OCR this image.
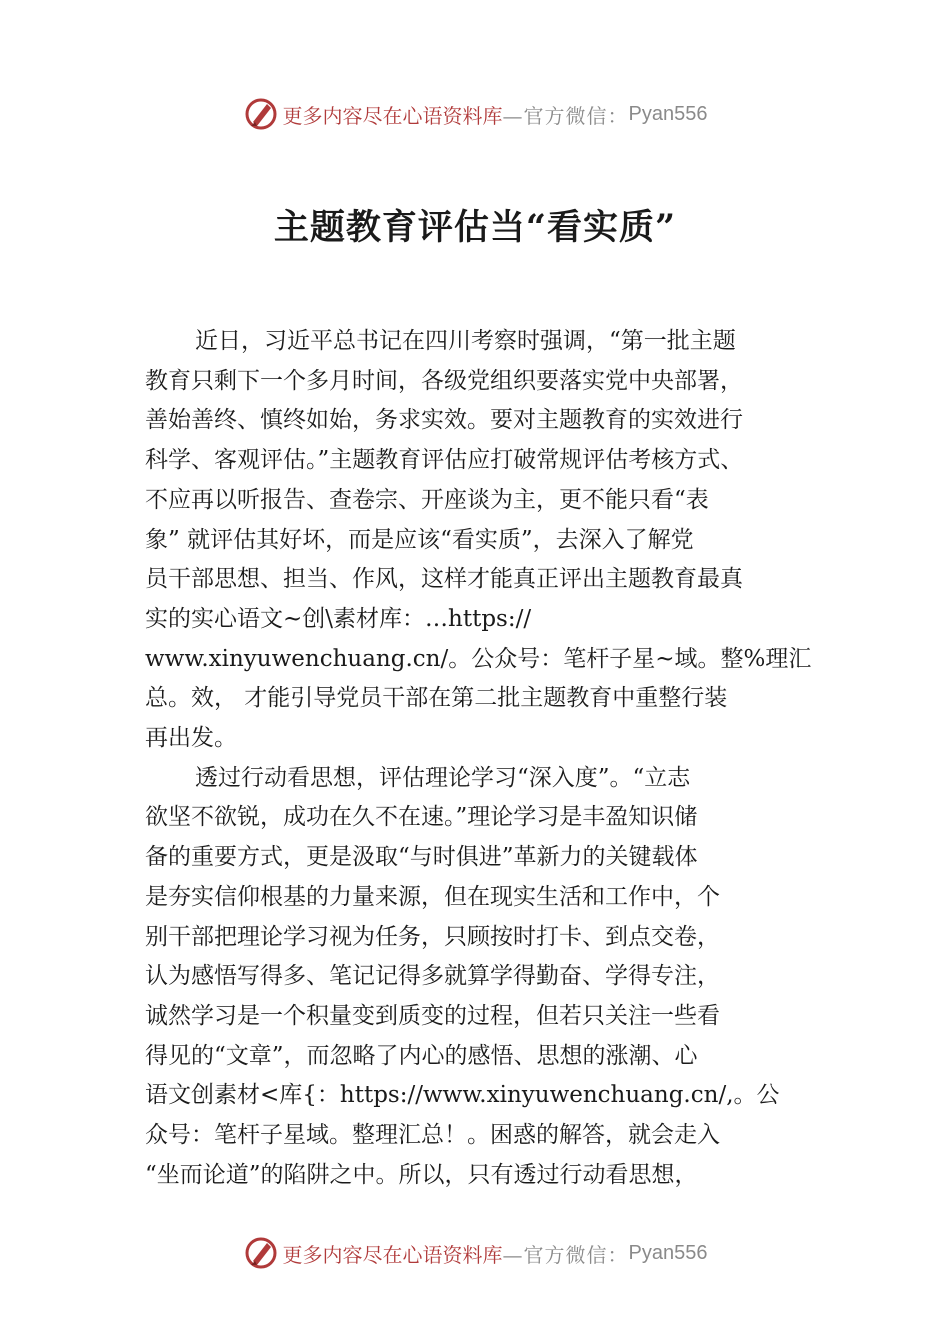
更多内容尽在心语资料库 —官方微信： Pyan556
主题教育评估当“看实质”
近日，习近平总书记在四川考察时强调，“第一批主题
教育只剩下一个多月时间，各级党组织要落实党中央部署，
善始善终、慎终如始，务求实效。要对主题教育的实效进行
科学、客观评估。”主题教育评估应打破常规评估考核方式、
不应再以听报告、查卷宗、开座谈为主，更不能只看“表
象” 就评估其好坏，而是应该“看实质”，去深入了解党
员干部思想、担当、作风，这样才能真正评出主题教育最真
实的实心语文~创\素材库：…https://
www.xinyuwenchuang.cn/。公众号：笔杆子星~域。整%理汇
总。效， 才能引导党员干部在第二批主题教育中重整行装
再出发。
透过行动看思想，评估理论学习“深入度”。“立志
欲坚不欲锐，成功在久不在速。”理论学习是丰盈知识储
备的重要方式，更是汲取“与时俱进”革新力的关键载体
是夯实信仰根基的力量来源，但在现实生活和工作中，个
别干部把理论学习视为任务，只顾按时打卡、到点交卷，
认为感悟写得多、笔记记得多就算学得勤奋、学得专注，
诚然学习是一个积量变到质变的过程，但若只关注一些看
得见的“文章”，而忽略了内心的感悟、思想的涨潮、心
语文创素材<库{：https://www.xinyuwenchuang.cn/,。公
众号：笔杆子星域。整理汇总！。困惑的解答，就会走入
“坐而论道”的陷阱之中。所以，只有透过行动看思想，
更多内容尽在心语资料库 —官方微信： Pyan556
